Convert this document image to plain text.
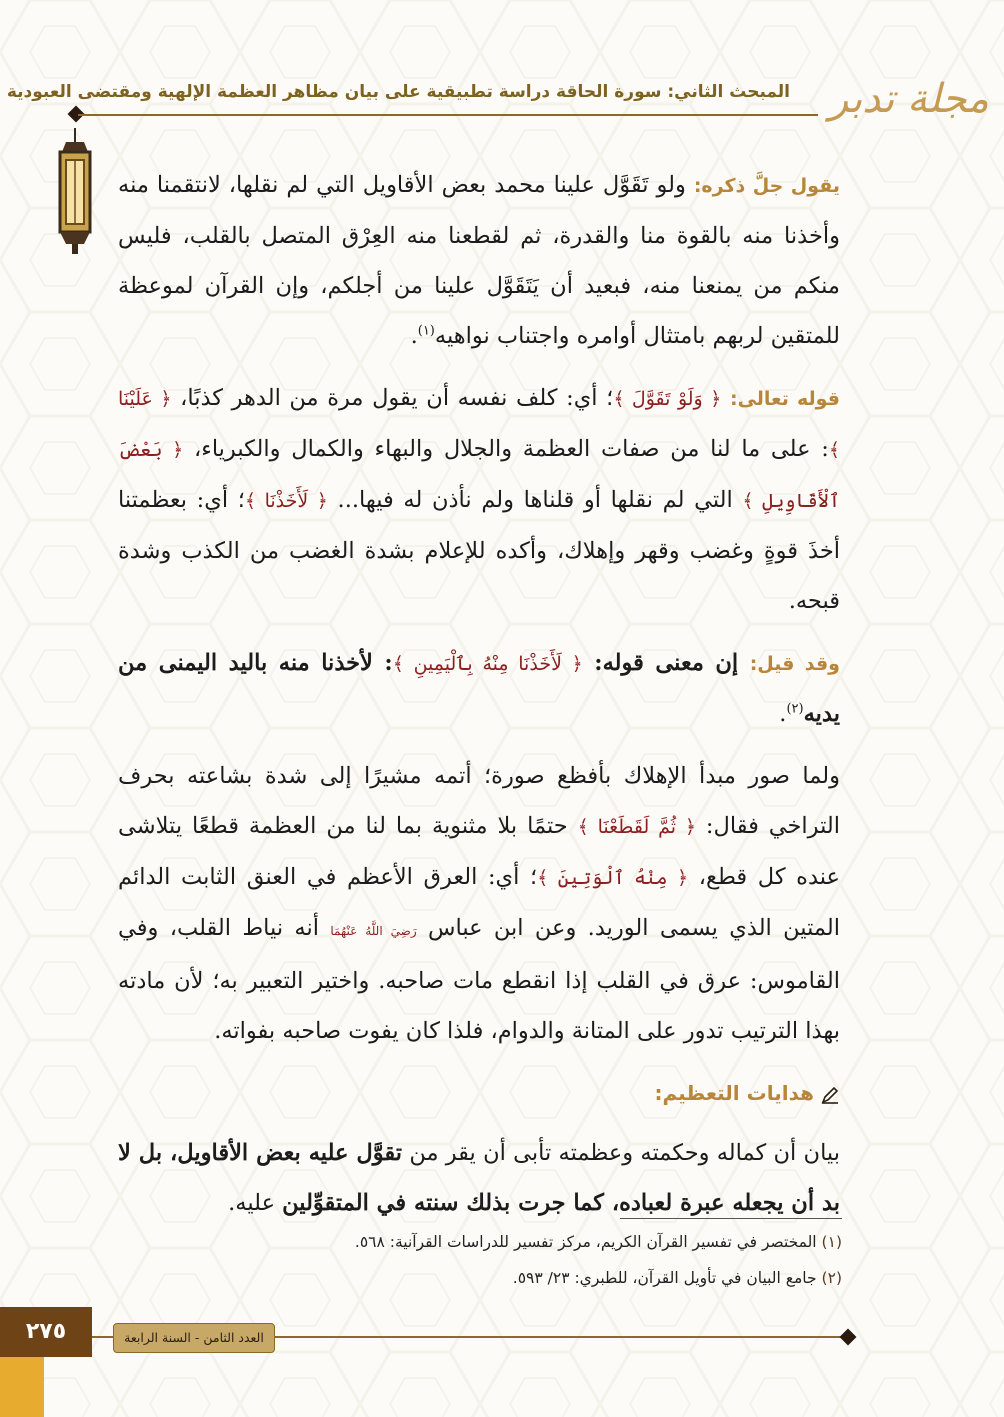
المبحث الثاني: سورة الحاقة دراسة تطبيقية على بيان مظاهر العظمة الإلهية ومقتضى العبودية مجلة تدبر

يقول جلَّ ذكره: ولو تَقَوَّل علينا محمد بعض الأقاويل التي لم نقلها، لانتقمنا منه وأخذنا منه بالقوة منا والقدرة، ثم لقطعنا منه العِرْق المتصل بالقلب، فليس منكم من يمنعنا منه، فبعيد أن يَتَقَوَّل علينا من أجلكم، وإن القرآن لموعظة للمتقين لربهم بامتثال أوامره واجتناب نواهيه$^{(١)}$.

قوله تعالى: ﴿ وَلَوْ تَقَوَّلَ ﴾؛ أي: كلف نفسه أن يقول مرة من الدهر كذبًا، ﴿ عَلَيْنَا ﴾: على ما لنا من صفات العظمة والجلال والبهاء والكمال والكبرياء، ﴿ بَعْضَ ٱلْأَقَاوِيلِ ﴾ التي لم نقلها أو قلناها ولم نأذن له فيها... ﴿ لَأَخَذْنَا ﴾؛ أي: بعظمتنا أخذَ قوةٍ وغضب وقهر وإهلاك، وأكده للإعلام بشدة الغضب من الكذب وشدة قبحه.

وقد قيل: إن معنى قوله: ﴿ لَأَخَذْنَا مِنْهُ بِٱلْيَمِينِ ﴾: لأخذنا منه باليد اليمنى من يديه$^{(٢)}$.

ولما صور مبدأ الإهلاك بأفظع صورة؛ أتمه مشيرًا إلى شدة بشاعته بحرف التراخي فقال: ﴿ ثُمَّ لَقَطَعْنَا ﴾ حتمًا بلا مثنوية بما لنا من العظمة قطعًا يتلاشى عنده كل قطع، ﴿ مِنْهُ ٱلْوَتِينَ ﴾؛ أي: العرق الأعظم في العنق الثابت الدائم المتين الذي يسمى الوريد. وعن ابن عباس رَضِيَ اللَّهُ عَنْهُمَا أنه نياط القلب، وفي القاموس: عرق في القلب إذا انقطع مات صاحبه. واختير التعبير به؛ لأن مادته بهذا الترتيب تدور على المتانة والدوام، فلذا كان يفوت صاحبه بفواته.

هدايات التعظيم:

بيان أن كماله وحكمته وعظمته تأبى أن يقر من تقوَّل عليه بعض الأقاويل، بل لا بد أن يجعله عبرة لعباده، كما جرت بذلك سنته في المتقوِّلين عليه.

(١) المختصر في تفسير القرآن الكريم، مركز تفسير للدراسات القرآنية: ٥٦٨.
(٢) جامع البيان في تأويل القرآن، للطبري: ٢٣/ ٥٩٣.
العدد الثامن - السنة الرابعة
٢٧٥
